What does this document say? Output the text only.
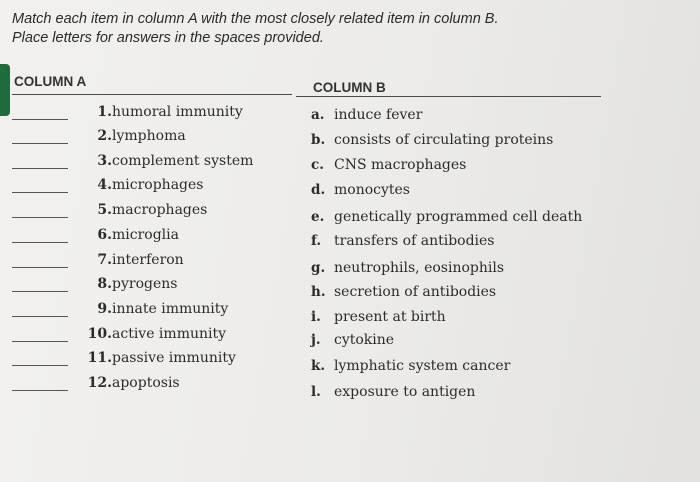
Match each item in column A with the most closely related item in column B.
Place letters for answers in the spaces provided.
COLUMN A	COLUMN B
1. humoral immunity
2. lymphoma
3. complement system
4. microphages
5. macrophages
6. microglia
7. interferon
8. pyrogens
9. innate immunity
10. active immunity
11. passive immunity
12. apoptosis
a. induce fever
b. consists of circulating proteins
c. CNS macrophages
d. monocytes
e. genetically programmed cell death
f. transfers of antibodies
g. neutrophils, eosinophils
h. secretion of antibodies
i. present at birth
j. cytokine
k. lymphatic system cancer
l. exposure to antigen
